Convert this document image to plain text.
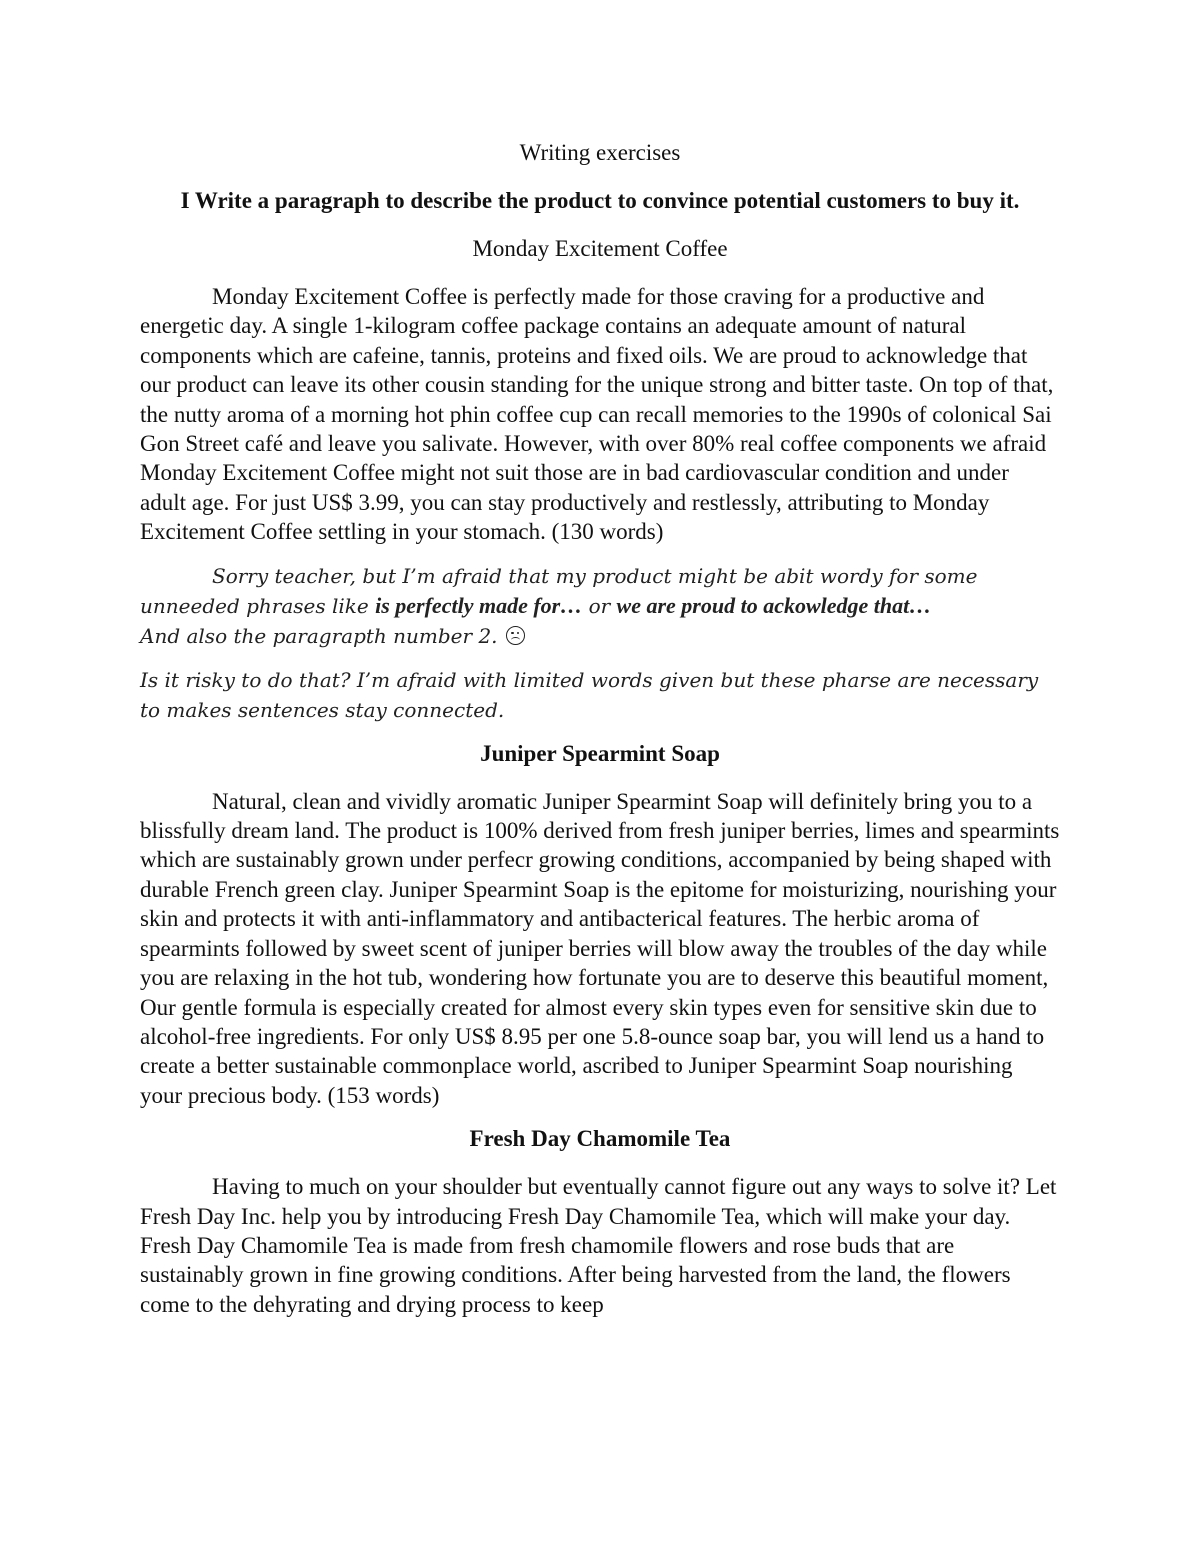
Writing exercises
I Write a paragraph to describe the product to convince potential customers to buy it.
Monday Excitement Coffee

Monday Excitement Coffee is perfectly made for those craving for a productive and energetic day. A single 1-kilogram coffee package contains an adequate amount of natural components which are cafeine, tannis, proteins and fixed oils. We are proud to acknowledge that our product can leave its other cousin standing for the unique strong and bitter taste. On top of that, the nutty aroma of a morning hot phin coffee cup can recall memories to the 1990s of colonical Sai Gon Street café and leave you salivate. However, with over 80% real coffee components we afraid Monday Excitement Coffee might not suit those are in bad cardiovascular condition and under adult age. For just US$ 3.99, you can stay productively and restlessly, attributing to Monday Excitement Coffee settling in your stomach. (130 words)

Sorry teacher, but I’m afraid that my product might be abit wordy for some unneeded phrases like is perfectly made for… or we are proud to ackowledge that…
And also the paragrapth number 2.

Is it risky to do that? I’m afraid with limited words given but these pharse are necessary to makes sentences stay connected.

Juniper Spearmint Soap

Natural, clean and vividly aromatic Juniper Spearmint Soap will definitely bring you to a blissfully dream land. The product is 100% derived from fresh juniper berries, limes and spearmints which are sustainably grown under perfecr growing conditions, accompanied by being shaped with durable French green clay. Juniper Spearmint Soap is the epitome for moisturizing, nourishing your skin and protects it with anti-inflammatory and antibacterical features. The herbic aroma of spearmints followed by sweet scent of juniper berries will blow away the troubles of the day while you are relaxing in the hot tub, wondering how fortunate you are to deserve this beautiful moment, Our gentle formula is especially created for almost every skin types even for sensitive skin due to alcohol-free ingredients. For only US$ 8.95 per one 5.8-ounce soap bar, you will lend us a hand to create a better sustainable commonplace world, ascribed to Juniper Spearmint Soap nourishing your precious body. (153 words)

Fresh Day Chamomile Tea

Having to much on your shoulder but eventually cannot figure out any ways to solve it? Let Fresh Day Inc. help you by introducing Fresh Day Chamomile Tea, which will make your day. Fresh Day Chamomile Tea is made from fresh chamomile flowers and rose buds that are sustainably grown in fine growing conditions. After being harvested from the land, the flowers come to the dehyrating and drying process to keep
